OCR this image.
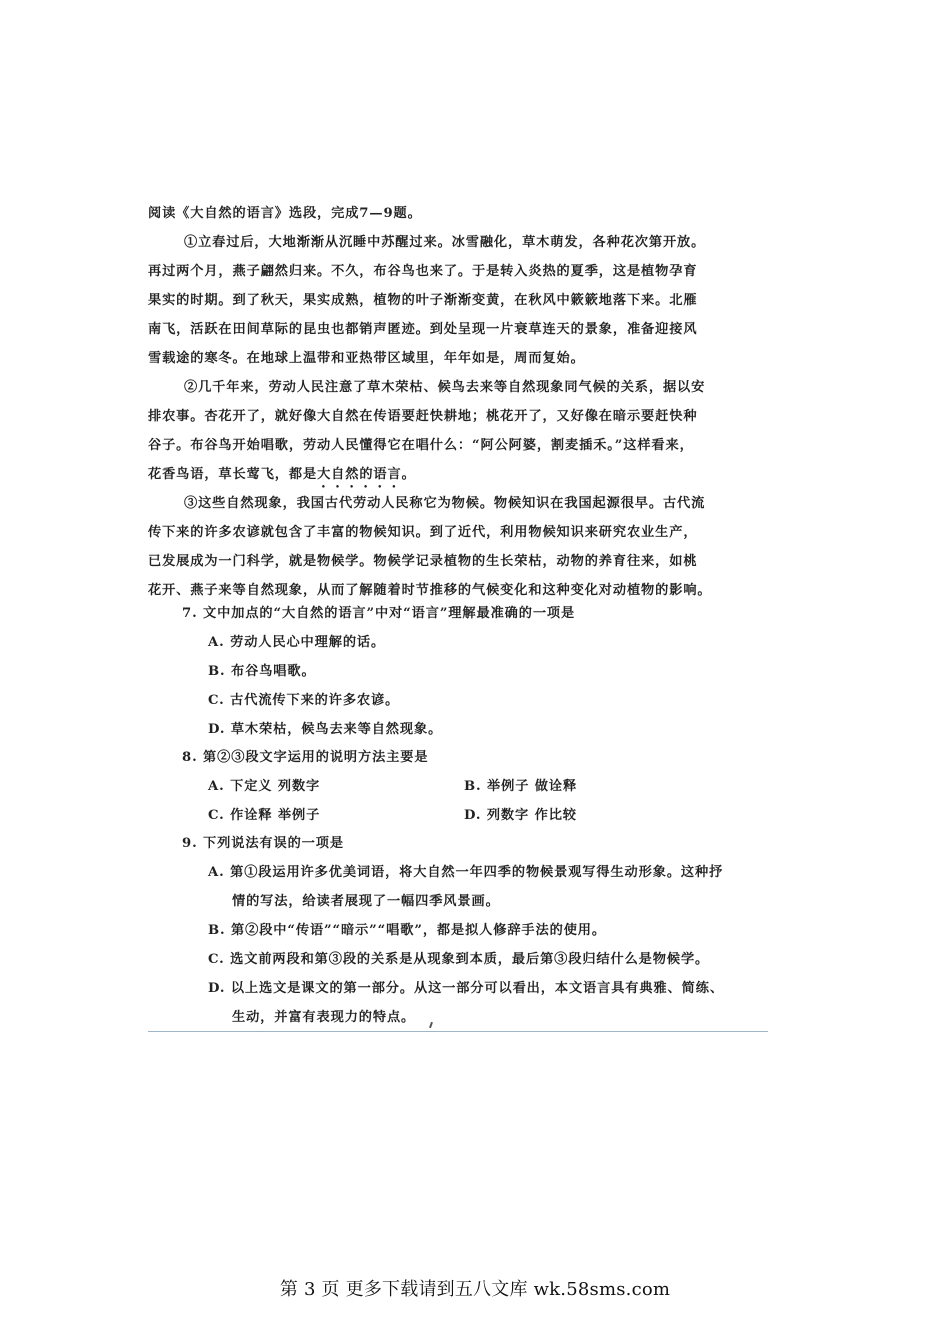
阅读《大自然的语言》选段，完成7—9题。
①立春过后，大地渐渐从沉睡中苏醒过来。冰雪融化，草木萌发，各种花次第开放。
再过两个月，燕子翩然归来。不久，布谷鸟也来了。于是转入炎热的夏季，这是植物孕育
果实的时期。到了秋天，果实成熟，植物的叶子渐渐变黄，在秋风中簌簌地落下来。北雁
南飞，活跃在田间草际的昆虫也都销声匿迹。到处呈现一片衰草连天的景象，准备迎接风
雪载途的寒冬。在地球上温带和亚热带区域里，年年如是，周而复始。
②几千年来，劳动人民注意了草木荣枯、候鸟去来等自然现象同气候的关系，据以安
排农事。杏花开了，就好像大自然在传语要赶快耕地；桃花开了，又好像在暗示要赶快种
谷子。布谷鸟开始唱歌，劳动人民懂得它在唱什么：“阿公阿婆，割麦插禾。”这样看来，
花香鸟语，草长莺飞，都是大自然的语言。
③这些自然现象，我国古代劳动人民称它为物候。物候知识在我国起源很早。古代流
传下来的许多农谚就包含了丰富的物候知识。到了近代，利用物候知识来研究农业生产，
已发展成为一门科学，就是物候学。物候学记录植物的生长荣枯，动物的养育往来，如桃
花开、燕子来等自然现象，从而了解随着时节推移的气候变化和这种变化对动植物的影响。
7. 文中加点的“大自然的语言”中对“语言”理解最准确的一项是
A. 劳动人民心中理解的话。
B. 布谷鸟唱歌。
C. 古代流传下来的许多农谚。
D. 草木荣枯，候鸟去来等自然现象。
8. 第②③段文字运用的说明方法主要是
A. 下定义 列数字	B. 举例子 做诠释
C. 作诠释 举例子	D. 列数字 作比较
9. 下列说法有误的一项是
A. 第①段运用许多优美词语，将大自然一年四季的物候景观写得生动形象。这种抒
情的写法，给读者展现了一幅四季风景画。
B. 第②段中“传语”“暗示”“唱歌”，都是拟人修辞手法的使用。
C. 选文前两段和第③段的关系是从现象到本质，最后第③段归结什么是物候学。
D. 以上选文是课文的第一部分。从这一部分可以看出，本文语言具有典雅、简练、
生动，并富有表现力的特点。
第 3 页 更多下载请到五八文库 wk.58sms.com
